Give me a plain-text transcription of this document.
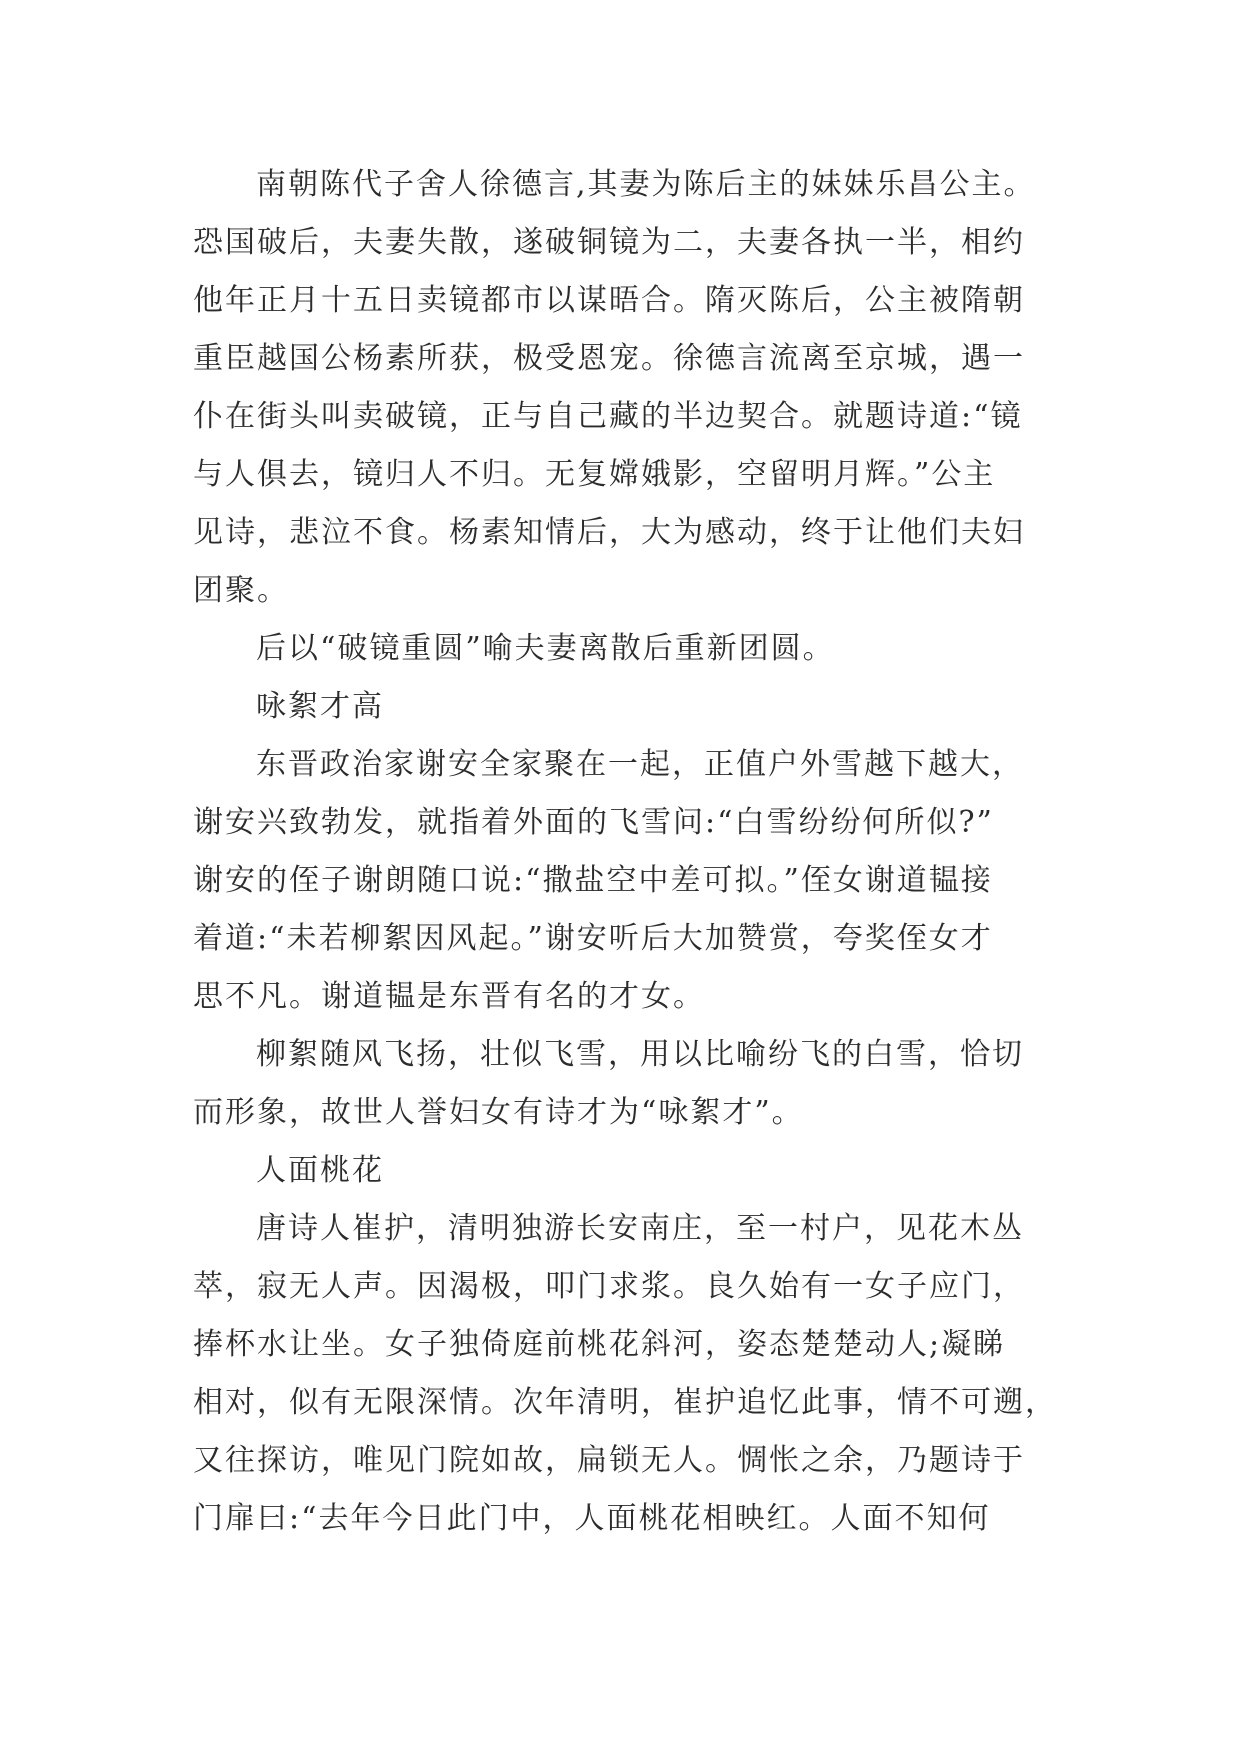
南朝陈代子舍人徐德言,其妻为陈后主的妹妹乐昌公主。
恐国破后，夫妻失散，遂破铜镜为二，夫妻各执一半，相约
他年正月十五日卖镜都市以谋晤合。隋灭陈后，公主被隋朝
重臣越国公杨素所获，极受恩宠。徐德言流离至京城，遇一
仆在街头叫卖破镜，正与自己藏的半边契合。就题诗道:“镜
与人俱去，镜归人不归。无复嫦娥影，空留明月辉。”公主
见诗，悲泣不食。杨素知情后，大为感动，终于让他们夫妇
团聚。
后以“破镜重圆”喻夫妻离散后重新团圆。
咏絮才高
东晋政治家谢安全家聚在一起，正值户外雪越下越大，
谢安兴致勃发，就指着外面的飞雪问:“白雪纷纷何所似?”
谢安的侄子谢朗随口说:“撒盐空中差可拟。”侄女谢道韫接
着道:“未若柳絮因风起。”谢安听后大加赞赏，夸奖侄女才
思不凡。谢道韫是东晋有名的才女。
柳絮随风飞扬，壮似飞雪，用以比喻纷飞的白雪，恰切
而形象，故世人誉妇女有诗才为“咏絮才”。
人面桃花
唐诗人崔护，清明独游长安南庄，至一村户，见花木丛
萃，寂无人声。因渴极，叩门求浆。良久始有一女子应门，
捧杯水让坐。女子独倚庭前桃花斜河，姿态楚楚动人;凝睇
相对，似有无限深情。次年清明，崔护追忆此事，情不可遡，
又往探访，唯见门院如故，扁锁无人。惆怅之余，乃题诗于
门扉曰:“去年今日此门中，人面桃花相映红。人面不知何
